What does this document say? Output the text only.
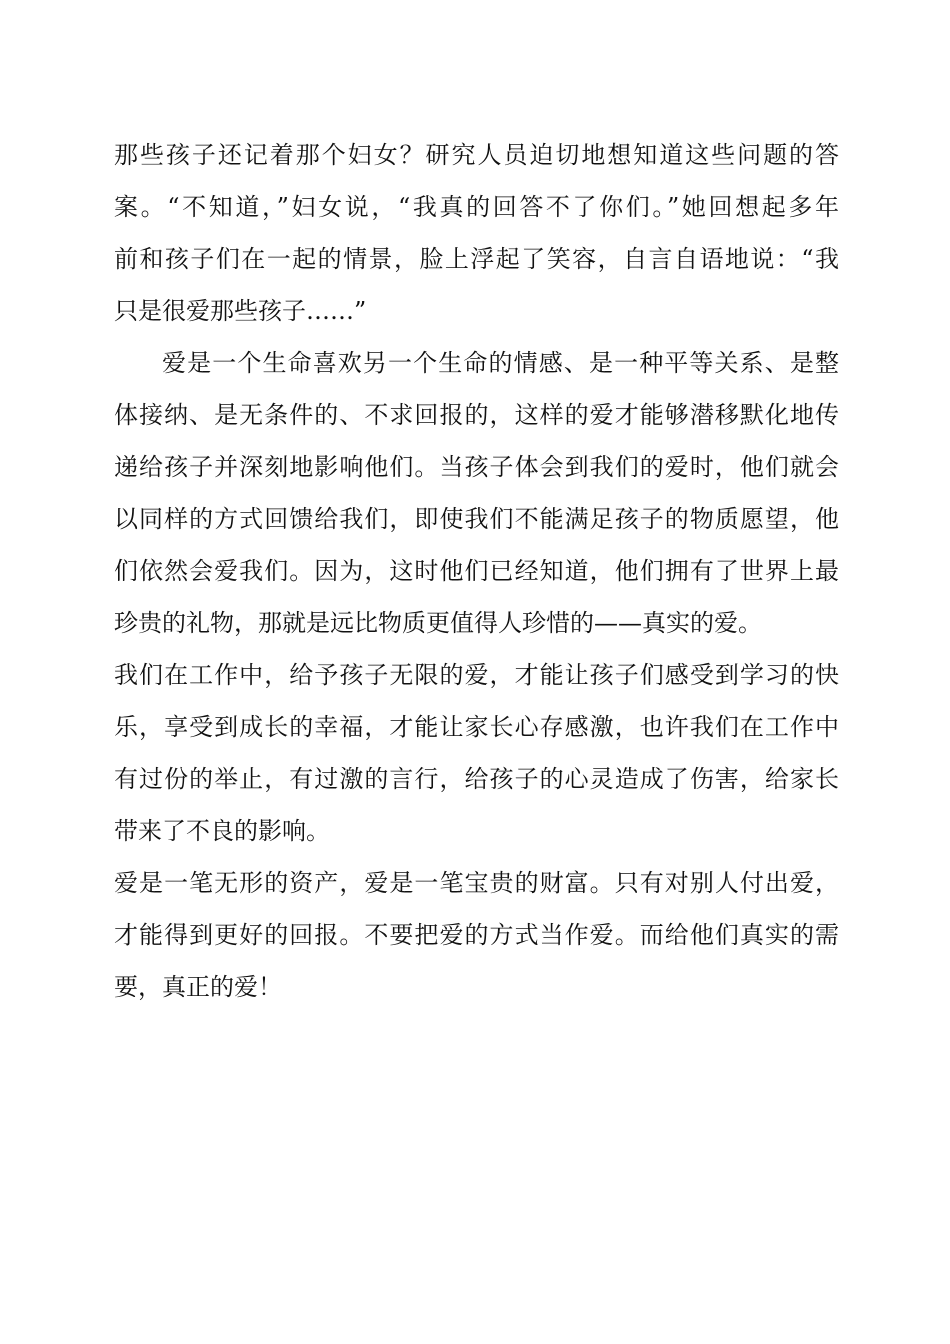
那些孩子还记着那个妇女？研究人员迫切地想知道这些问题的答
案。“不知道，”妇女说，“我真的回答不了你们。”她回想起多年
前和孩子们在一起的情景，脸上浮起了笑容，自言自语地说：“我
只是很爱那些孩子……”
爱是一个生命喜欢另一个生命的情感、是一种平等关系、是整
体接纳、是无条件的、不求回报的，这样的爱才能够潜移默化地传
递给孩子并深刻地影响他们。当孩子体会到我们的爱时，他们就会
以同样的方式回馈给我们，即使我们不能满足孩子的物质愿望，他
们依然会爱我们。因为，这时他们已经知道，他们拥有了世界上最
珍贵的礼物，那就是远比物质更值得人珍惜的——真实的爱。
我们在工作中，给予孩子无限的爱，才能让孩子们感受到学习的快
乐，享受到成长的幸福，才能让家长心存感激，也许我们在工作中
有过份的举止，有过激的言行，给孩子的心灵造成了伤害，给家长
带来了不良的影响。
爱是一笔无形的资产，爱是一笔宝贵的财富。只有对别人付出爱，
才能得到更好的回报。不要把爱的方式当作爱。而给他们真实的需
要，真正的爱！
